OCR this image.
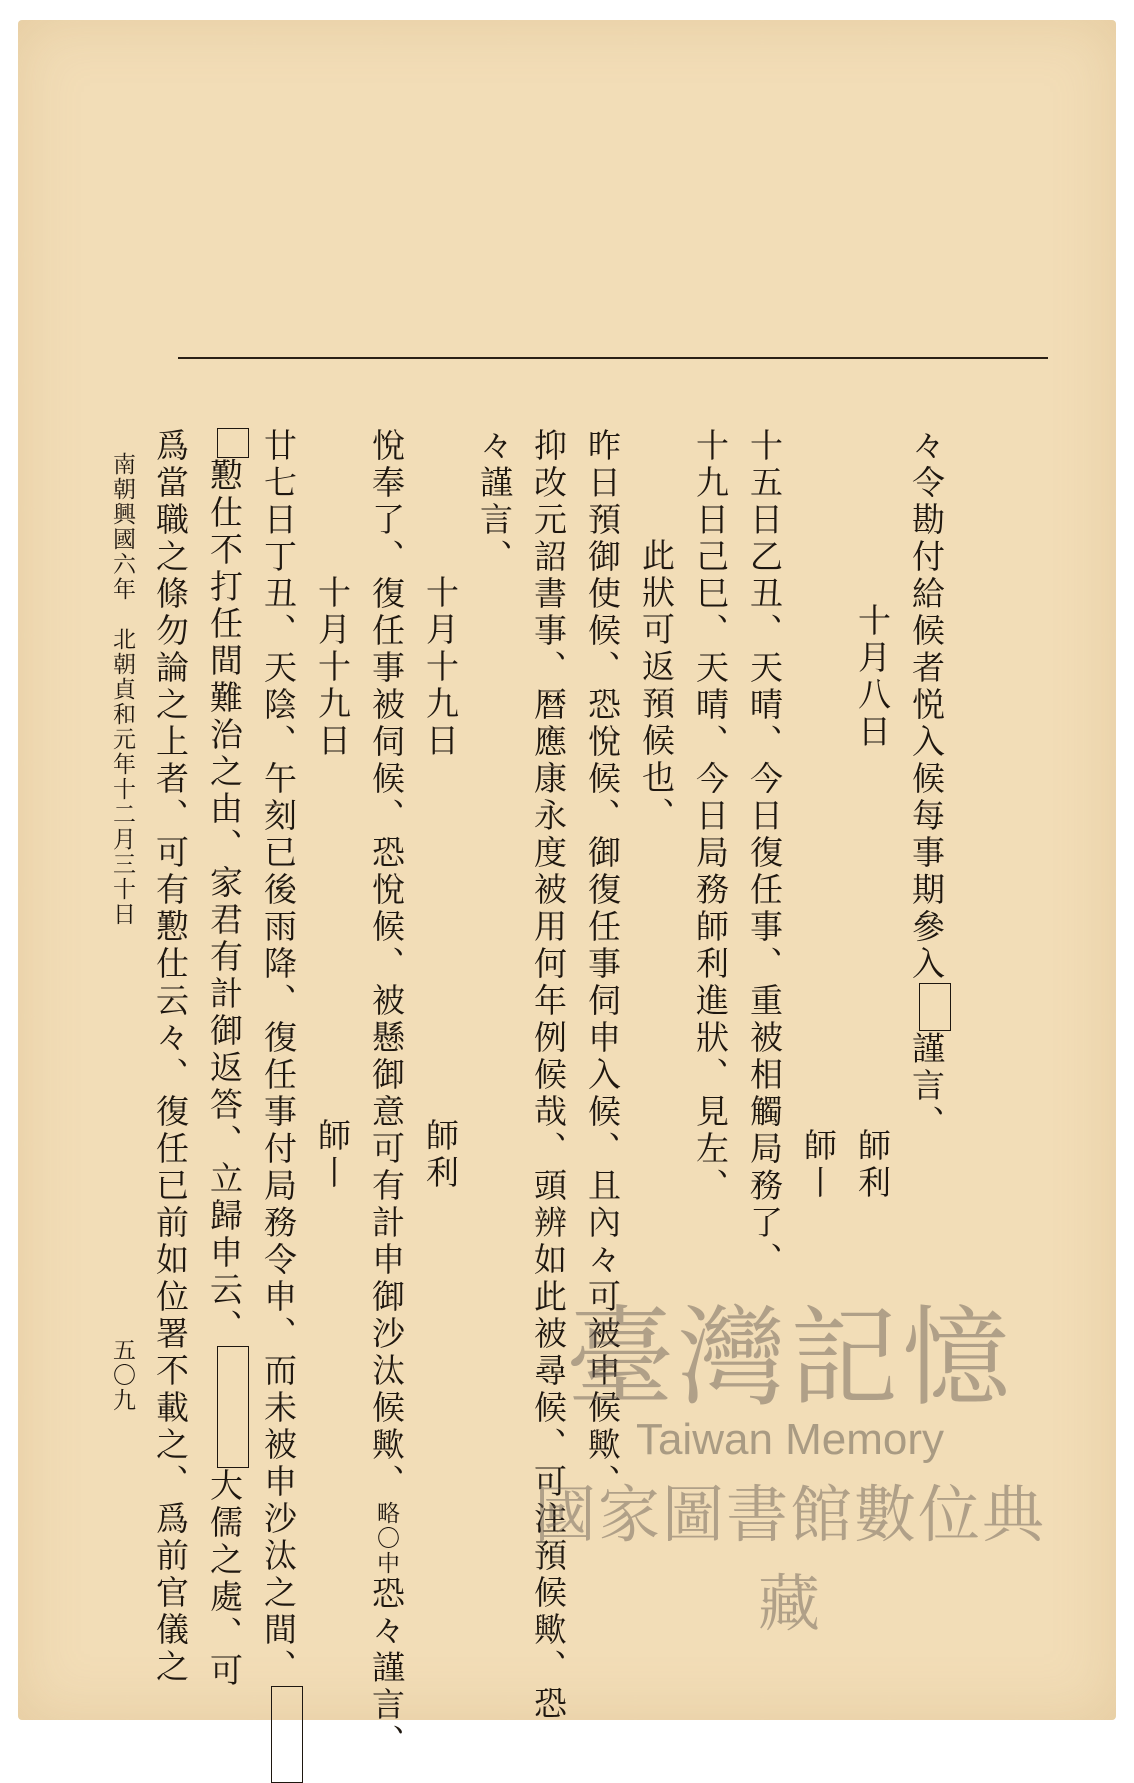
々令勘付給候者悦入候每事期參入謹言、
十月八日
師利
師丨
十五日乙丑、天晴、今日復任事、重被相觸局務了、
十九日己巳、天晴、今日局務師利進狀、見左、
此狀可返預候也、
昨日預御使候、恐悅候、御復任事伺申入候、且內々可被申候歟、
抑改元詔書事、暦應康永度被用何年例候哉、頭辨如此被尋候、可注預候歟、恐
々謹言、
十月十九日
師利
悅奉了、復任事被伺候、恐悅候、被懸御意可有計申御沙汰候歟、略〇中恐々謹言、
十月十九日
師丨
廿七日丁丑、天陰、午刻已後雨降、復任事付局務令申、而未被申沙汰之間、
懃仕不打任間難治之由、家君有計御返答、立歸申云、大儒之處、可
爲當職之條勿論之上者、可有懃仕云々、復任已前如位署不載之、爲前官儀之
南朝興國六年　北朝貞和元年十二月三十日
五〇九	臺灣記憶
Taiwan Memory
國家圖書館數位典藏
